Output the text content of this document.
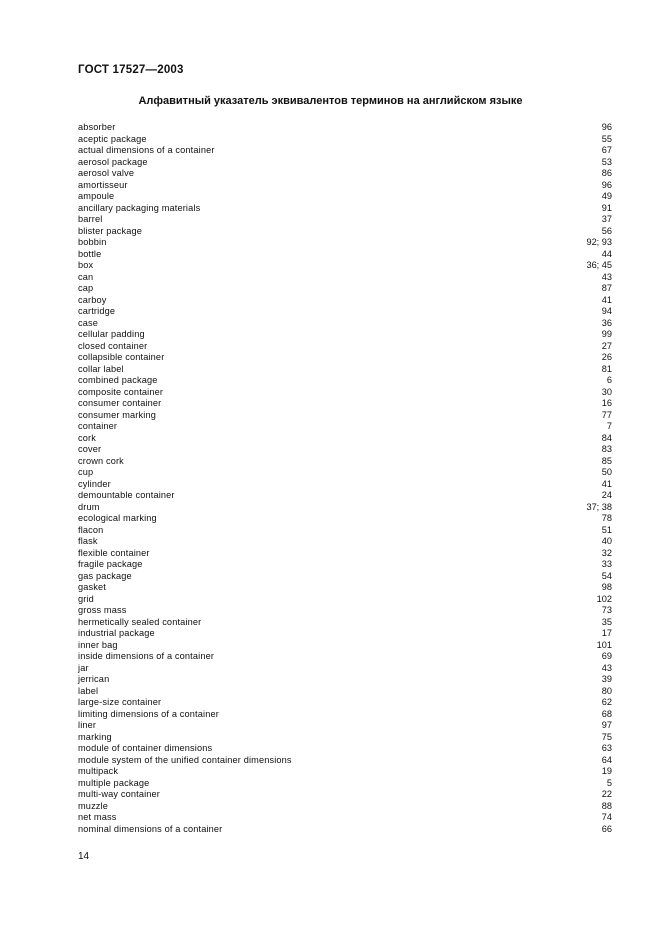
ГОСТ 17527—2003
Алфавитный указатель эквивалентов терминов на английском языке
absorber	96
aceptic package	55
actual dimensions of a container	67
aerosol package	53
aerosol valve	86
amortisseur	96
ampoule	49
ancillary packaging materials	91
barrel	37
blister package	56
bobbin	92; 93
bottle	44
box	36; 45
can	43
cap	87
carboy	41
cartridge	94
case	36
cellular padding	99
closed container	27
collapsible container	26
collar label	81
combined package	6
composite container	30
consumer container	16
consumer marking	77
container	7
cork	84
cover	83
crown cork	85
cup	50
cylinder	41
demountable container	24
drum	37; 38
ecological marking	78
flacon	51
flask	40
flexible container	32
fragile package	33
gas package	54
gasket	98
grid	102
gross mass	73
hermetically sealed container	35
industrial package	17
inner bag	101
inside dimensions of a container	69
jar	43
jerrican	39
label	80
large-size container	62
limiting dimensions of a container	68
liner	97
marking	75
module of container dimensions	63
module system of the unified container dimensions	64
multipack	19
multiple package	5
multi-way container	22
muzzle	88
net mass	74
nominal dimensions of a container	66
14
